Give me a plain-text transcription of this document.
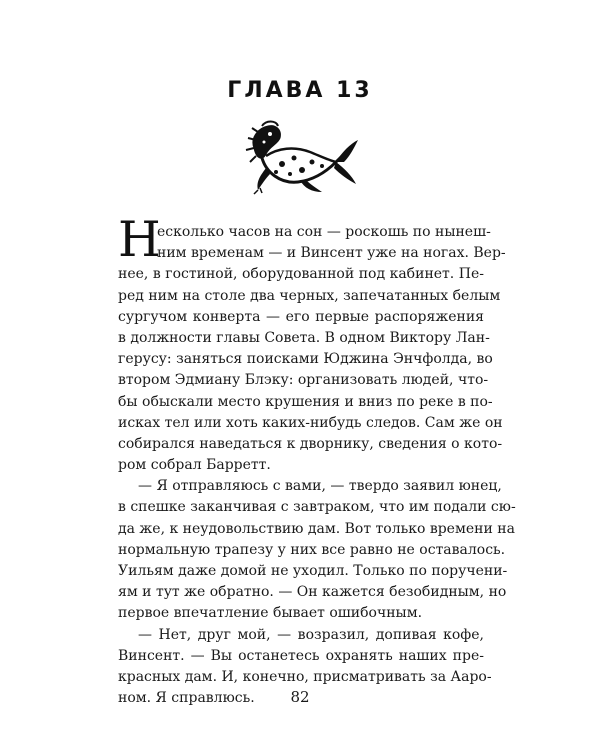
ГЛАВА 13
Н
есколько часов на сон — роскошь по нынеш-
ним временам — и Винсент уже на ногах. Вер-
нее, в гостиной, оборудованной под кабинет. Пе-
ред ним на столе два черных, запечатанных белым
сургучом конверта — его первые распоряжения
в должности главы Совета. В одном Виктору Лан-
герусу: заняться поисками Юджина Энчфолда, во
втором Эдмиану Блэку: организовать людей, что-
бы обыскали место крушения и вниз по реке в по-
исках тел или хоть каких-нибудь следов. Сам же он
собирался наведаться к дворнику, сведения о кото-
ром собрал Барретт.
— Я отправляюсь с вами, — твердо заявил юнец,
в спешке заканчивая с завтраком, что им подали сю-
да же, к неудовольствию дам. Вот только времени на
нормальную трапезу у них все равно не оставалось.
Уильям даже домой не уходил. Только по поручени-
ям и тут же обратно. — Он кажется безобидным, но
первое впечатление бывает ошибочным.
— Нет, друг мой, — возразил, допивая кофе,
Винсент. — Вы останетесь охранять наших пре-
красных дам. И, конечно, присматривать за Ааро-
ном. Я справлюсь.	82
